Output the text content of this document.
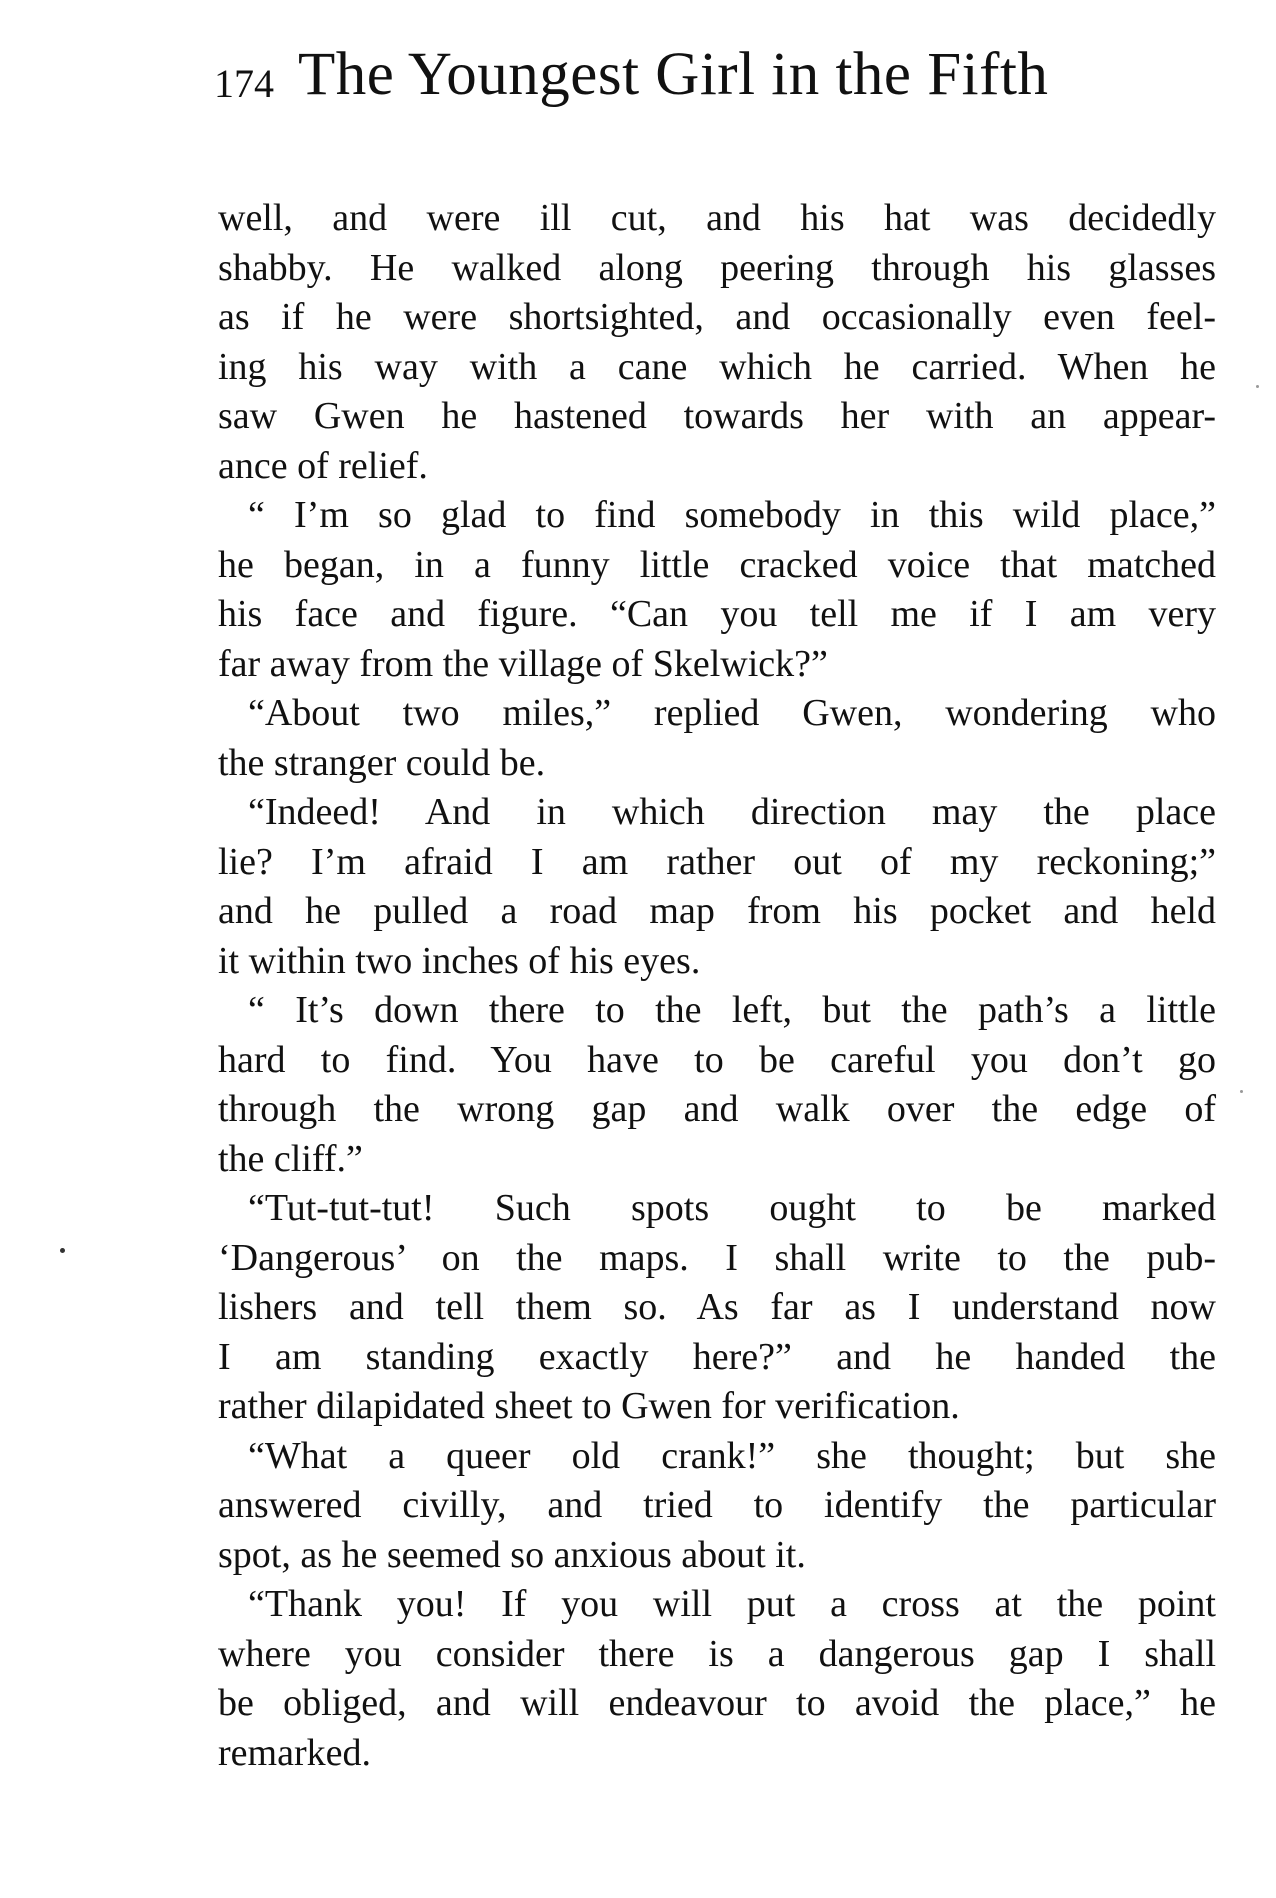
174 The Youngest Girl in the Fifth
well, and were ill cut, and his hat was decidedly
shabby. He walked along peering through his glasses
as if he were shortsighted, and occasionally even feel-
ing his way with a cane which he carried. When he
saw Gwen he hastened towards her with an appear-
ance of relief.
“ I’m so glad to find somebody in this wild place,”
he began, in a funny little cracked voice that matched
his face and figure. “Can you tell me if I am very
far away from the village of Skelwick?”
“About two miles,” replied Gwen, wondering who
the stranger could be.
“Indeed! And in which direction may the place
lie? I’m afraid I am rather out of my reckoning;”
and he pulled a road map from his pocket and held
it within two inches of his eyes.
“ It’s down there to the left, but the path’s a little
hard to find. You have to be careful you don’t go
through the wrong gap and walk over the edge of
the cliff.”
“Tut-tut-tut! Such spots ought to be marked
‘Dangerous’ on the maps. I shall write to the pub-
lishers and tell them so. As far as I understand now
I am standing exactly here?” and he handed the
rather dilapidated sheet to Gwen for verification.
“What a queer old crank!” she thought; but she
answered civilly, and tried to identify the particular
spot, as he seemed so anxious about it.
“Thank you! If you will put a cross at the point
where you consider there is a dangerous gap I shall
be obliged, and will endeavour to avoid the place,” he
remarked.
